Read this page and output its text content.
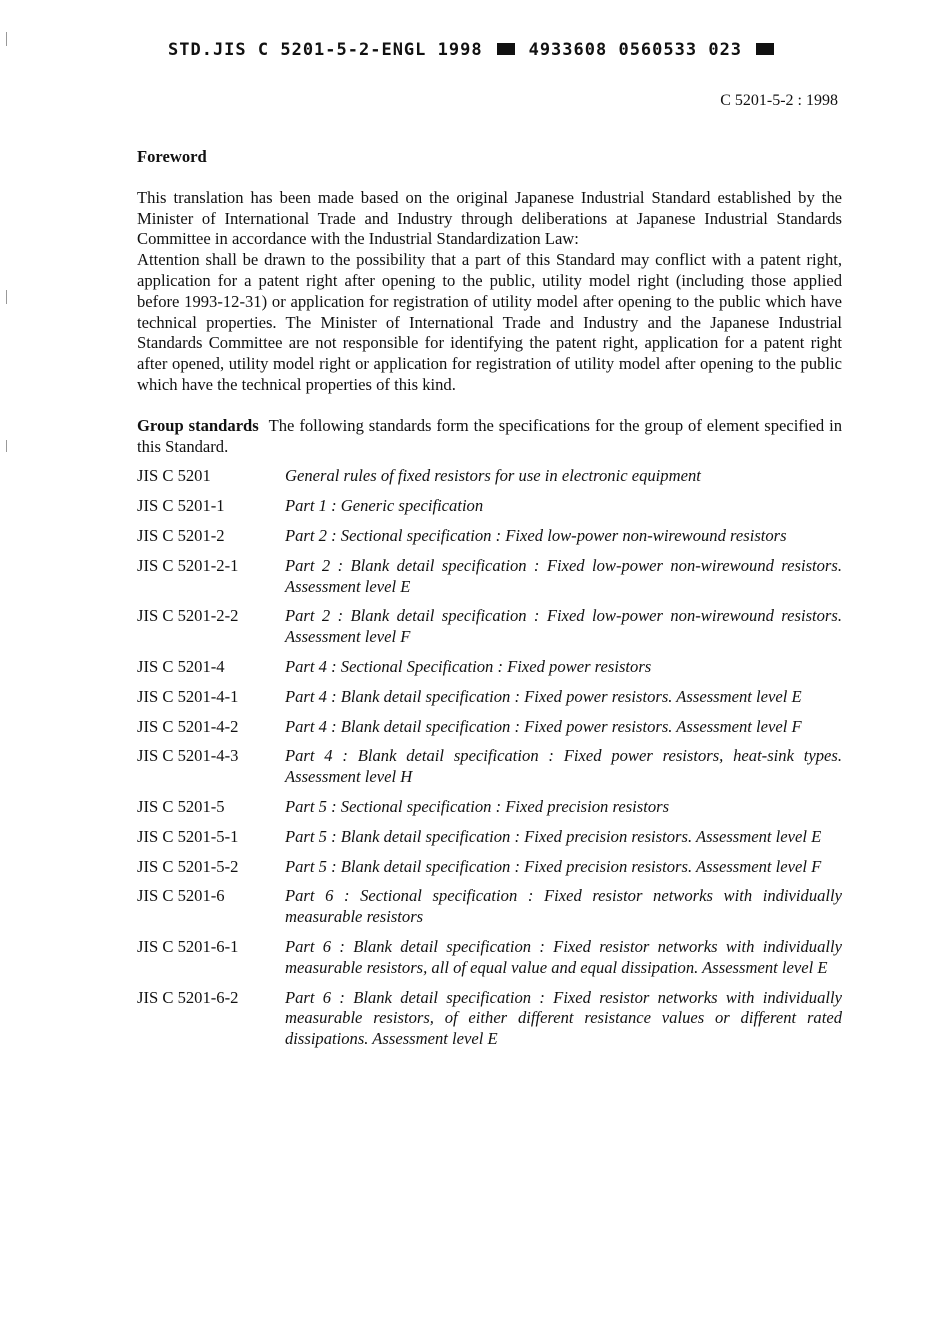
STD.JIS C 5201-5-2-ENGL 1998	4933608 0560533 023
C 5201-5-2 : 1998
Foreword

This translation has been made based on the original Japanese Industrial Standard established by the Minister of International Trade and Industry through deliberations at Japanese Industrial Standards Committee in accordance with the Industrial Standardization Law:

Attention shall be drawn to the possibility that a part of this Standard may conflict with a patent right, application for a patent right after opening to the public, utility model right (including those applied before 1993-12-31) or application for registration of utility model after opening to the public which have technical properties. The Minister of International Trade and Industry and the Japanese Industrial Standards Committee are not responsible for identifying the patent right, application for a patent right after opened, utility model right or application for registration of utility model after opening to the public which have the technical properties of this kind.

Group standards The following standards form the specifications for the group of element specified in this Standard.

JIS C 5201	General rules of fixed resistors for use in electronic equipment
JIS C 5201-1	Part 1 : Generic specification
JIS C 5201-2	Part 2 : Sectional specification : Fixed low-power non-wirewound resistors
JIS C 5201-2-1	Part 2 : Blank detail specification : Fixed low-power non-wirewound resistors. Assessment level E
JIS C 5201-2-2	Part 2 : Blank detail specification : Fixed low-power non-wirewound resistors. Assessment level F
JIS C 5201-4	Part 4 : Sectional Specification : Fixed power resistors
JIS C 5201-4-1	Part 4 : Blank detail specification : Fixed power resistors. Assessment level E
JIS C 5201-4-2	Part 4 : Blank detail specification : Fixed power resistors. Assessment level F
JIS C 5201-4-3	Part 4 : Blank detail specification : Fixed power resistors, heat-sink types. Assessment level H
JIS C 5201-5	Part 5 : Sectional specification : Fixed precision resistors
JIS C 5201-5-1	Part 5 : Blank detail specification : Fixed precision resistors. Assessment level E
JIS C 5201-5-2	Part 5 : Blank detail specification : Fixed precision resistors. Assessment level F
JIS C 5201-6	Part 6 : Sectional specification : Fixed resistor networks with individually measurable resistors
JIS C 5201-6-1	Part 6 : Blank detail specification : Fixed resistor networks with individually measurable resistors, all of equal value and equal dissipation. Assessment level E
JIS C 5201-6-2	Part 6 : Blank detail specification : Fixed resistor networks with individually measurable resistors, of either different resistance values or different rated dissipations. Assessment level E
